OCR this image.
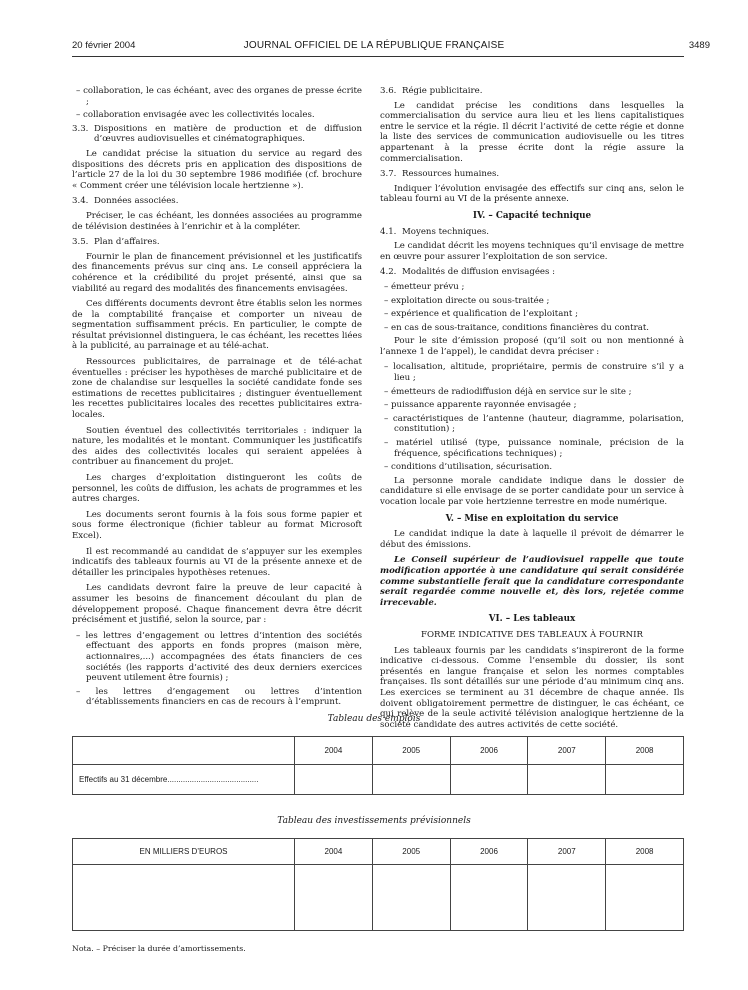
20 février 2004	JOURNAL OFFICIEL DE LA RÉPUBLIQUE FRANÇAISE	3489

– collaboration, le cas échéant, avec des organes de presse écrite ;

– collaboration envisagée avec les collectivités locales.

3.3. Dispositions en matière de production et de diffusion d’œuvres audiovisuelles et cinématographiques.

Le candidat précise la situation du service au regard des dispositions des décrets pris en application des dispositions de l’article 27 de la loi du 30 septembre 1986 modifiée (cf. brochure « Comment créer une télévision locale hertzienne »).

3.4. Données associées.

Préciser, le cas échéant, les données associées au programme de télévision destinées à l’enrichir et à la compléter.

3.5. Plan d’affaires.

Fournir le plan de financement prévisionnel et les justificatifs des financements prévus sur cinq ans. Le conseil appréciera la cohérence et la crédibilité du projet présenté, ainsi que sa viabilité au regard des modalités des financements envisagées.

Ces différents documents devront être établis selon les normes de la comptabilité française et comporter un niveau de segmentation suffisamment précis. En particulier, le compte de résultat prévisionnel distinguera, le cas échéant, les recettes liées à la publicité, au parrainage et au télé-achat.

Ressources publicitaires, de parrainage et de télé-achat éventuelles : préciser les hypothèses de marché publicitaire et de zone de chalandise sur lesquelles la société candidate fonde ses estimations de recettes publicitaires ; distinguer éventuellement les recettes publicitaires locales des recettes publicitaires extra-locales.

Soutien éventuel des collectivités territoriales : indiquer la nature, les modalités et le montant. Communiquer les justificatifs des aides des collectivités locales qui seraient appelées à contribuer au financement du projet.

Les charges d’exploitation distingueront les coûts de personnel, les coûts de diffusion, les achats de programmes et les autres charges.

Les documents seront fournis à la fois sous forme papier et sous forme électronique (fichier tableur au format Microsoft Excel).

Il est recommandé au candidat de s’appuyer sur les exemples indicatifs des tableaux fournis au VI de la présente annexe et de détailler les principales hypothèses retenues.

Les candidats devront faire la preuve de leur capacité à assumer les besoins de financement découlant du plan de développement proposé. Chaque financement devra être décrit précisément et justifié, selon la source, par :

– les lettres d’engagement ou lettres d’intention des sociétés effectuant des apports en fonds propres (maison mère, actionnaires,...) accompagnées des états financiers de ces sociétés (les rapports d’activité des deux derniers exercices peuvent utilement être fournis) ;

– les lettres d’engagement ou lettres d’intention d’établissements financiers en cas de recours à l’emprunt.

3.6. Régie publicitaire.

Le candidat précise les conditions dans lesquelles la commercialisation du service aura lieu et les liens capitalistiques entre le service et la régie. Il décrit l’activité de cette régie et donne la liste des services de communication audiovisuelle ou les titres appartenant à la presse écrite dont la régie assure la commercialisation.

3.7. Ressources humaines.

Indiquer l’évolution envisagée des effectifs sur cinq ans, selon le tableau fourni au VI de la présente annexe.

IV. – Capacité technique

4.1. Moyens techniques.

Le candidat décrit les moyens techniques qu’il envisage de mettre en œuvre pour assurer l’exploitation de son service.

4.2. Modalités de diffusion envisagées :

– émetteur prévu ;

– exploitation directe ou sous-traitée ;

– expérience et qualification de l’exploitant ;

– en cas de sous-traitance, conditions financières du contrat.

Pour le site d’émission proposé (qu’il soit ou non mentionné à l’annexe 1 de l’appel), le candidat devra préciser :

– localisation, altitude, propriétaire, permis de construire s’il y a lieu ;

– émetteurs de radiodiffusion déjà en service sur le site ;

– puissance apparente rayonnée envisagée ;

– caractéristiques de l’antenne (hauteur, diagramme, polarisation, constitution) ;

– matériel utilisé (type, puissance nominale, précision de la fréquence, spécifications techniques) ;

– conditions d’utilisation, sécurisation.

La personne morale candidate indique dans le dossier de candidature si elle envisage de se porter candidate pour un service à vocation locale par voie hertzienne terrestre en mode numérique.

V. – Mise en exploitation du service

Le candidat indique la date à laquelle il prévoit de démarrer le début des émissions.

Le Conseil supérieur de l’audiovisuel rappelle que toute modification apportée à une candidature qui serait considérée comme substantielle ferait que la candidature correspondante serait regardée comme nouvelle et, dès lors, rejetée comme irrecevable.

VI. – Les tableaux

FORME INDICATIVE DES TABLEAUX À FOURNIR

Les tableaux fournis par les candidats s’inspireront de la forme indicative ci-dessous. Comme l’ensemble du dossier, ils sont présentés en langue française et selon les normes comptables françaises. Ils sont détaillés sur une période d’au minimum cinq ans. Les exercices se terminent au 31 décembre de chaque année. Ils doivent obligatoirement permettre de distinguer, le cas échéant, ce qui relève de la seule activité télévision analogique hertzienne de la société candidate des autres activités de cette société.

Tableau des emplois
	2004	2005	2006	2007	2008
Effectifs au 31 décembre.........................................					
Tableau des investissements prévisionnels
EN MILLIERS D’EUROS	2004	2005	2006	2007	2008

Nota. – Préciser la durée d’amortissements.
